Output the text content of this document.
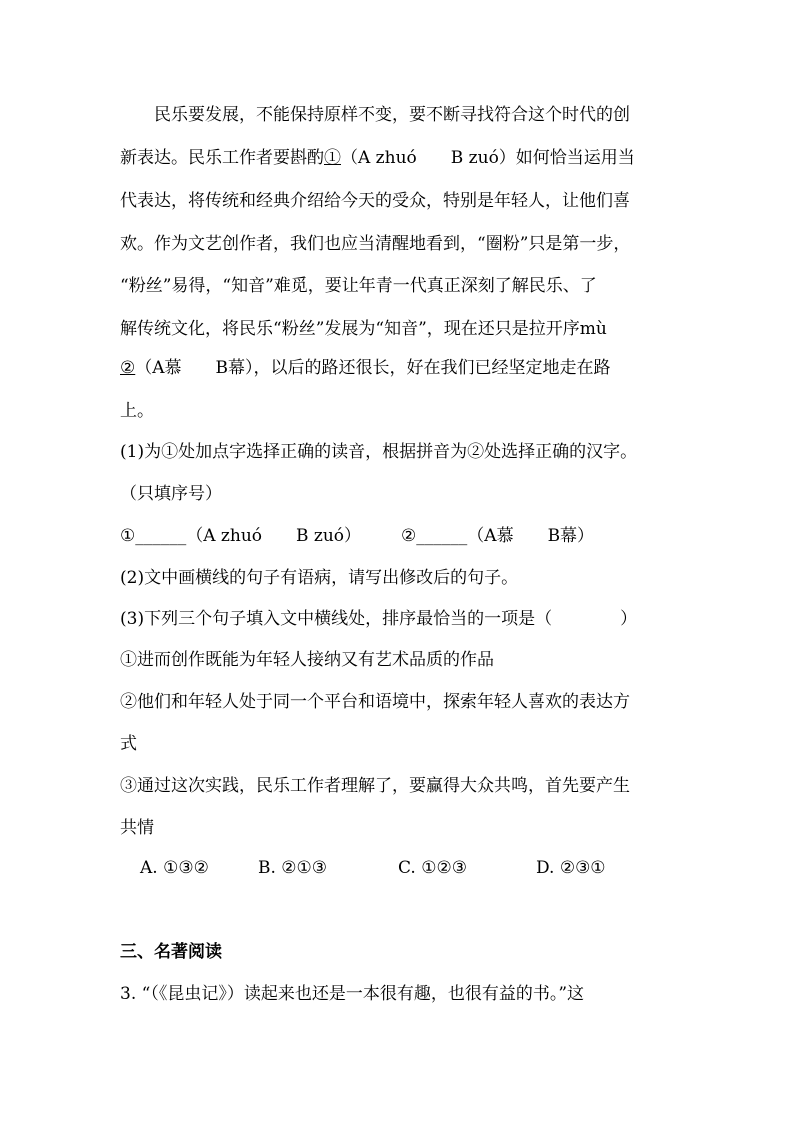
民乐要发展，不能保持原样不变，要不断寻找符合这个时代的创
新表达。民乐工作者要斟酌①（A zhuó　　B zuó）如何恰当运用当
代表达，将传统和经典介绍给今天的受众，特别是年轻人，让他们喜
欢。作为文艺创作者，我们也应当清醒地看到，“圈粉”只是第一步，
“粉丝”易得，“知音”难觅，要让年青一代真正深刻了解民乐、了
解传统文化，将民乐“粉丝”发展为“知音”，现在还只是拉开序mù
②（A慕　　B幕），以后的路还很长，好在我们已经坚定地走在路
上。
(1)为①处加点字选择正确的读音，根据拼音为②处选择正确的汉字。
（只填序号）
①______（A zhuó　　B zuó） ②______（A慕　　B幕）
(2)文中画横线的句子有语病，请写出修改后的句子。
(3)下列三个句子填入文中横线处，排序最恰当的一项是（　　　　）
①进而创作既能为年轻人接纳又有艺术品质的作品
②他们和年轻人处于同一个平台和语境中，探索年轻人喜欢的表达方
式
③通过这次实践，民乐工作者理解了，要赢得大众共鸣，首先要产生
共情
A. ①③②	B. ②①③	C. ①②③	D. ②③①
三、名著阅读
3. “（《昆虫记》）读起来也还是一本很有趣，也很有益的书。”这
